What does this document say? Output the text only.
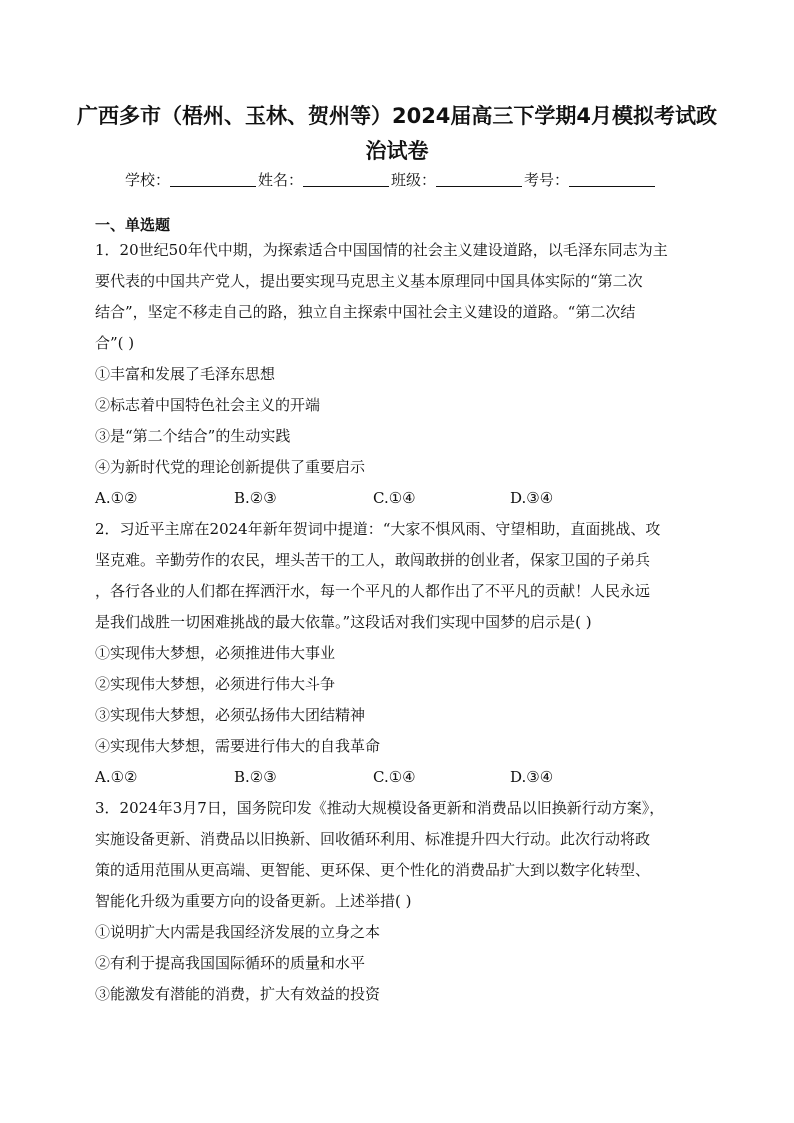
广西多市（梧州、玉林、贺州等）2024届高三下学期4月模拟考试政
治试卷
学校：	姓名：	班级：	考号：
一、单选题
1．20世纪50年代中期，为探索适合中国国情的社会主义建设道路，以毛泽东同志为主
要代表的中国共产党人，提出要实现马克思主义基本原理同中国具体实际的“第二次
结合”，坚定不移走自己的路，独立自主探索中国社会主义建设的道路。“第二次结
合”( )
①丰富和发展了毛泽东思想
②标志着中国特色社会主义的开端
③是“第二个结合”的生动实践
④为新时代党的理论创新提供了重要启示
A.①②	B.②③	C.①④	D.③④
2．习近平主席在2024年新年贺词中提道：“大家不惧风雨、守望相助，直面挑战、攻
坚克难。辛勤劳作的农民，埋头苦干的工人，敢闯敢拼的创业者，保家卫国的子弟兵
，各行各业的人们都在挥洒汗水，每一个平凡的人都作出了不平凡的贡献！人民永远
是我们战胜一切困难挑战的最大依靠。”这段话对我们实现中国梦的启示是( )
①实现伟大梦想，必须推进伟大事业
②实现伟大梦想，必须进行伟大斗争
③实现伟大梦想，必须弘扬伟大团结精神
④实现伟大梦想，需要进行伟大的自我革命
A.①②	B.②③	C.①④	D.③④
3．2024年3月7日，国务院印发《推动大规模设备更新和消费品以旧换新行动方案》，
实施设备更新、消费品以旧换新、回收循环利用、标准提升四大行动。此次行动将政
策的适用范围从更高端、更智能、更环保、更个性化的消费品扩大到以数字化转型、
智能化升级为重要方向的设备更新。上述举措( )
①说明扩大内需是我国经济发展的立身之本
②有利于提高我国国际循环的质量和水平
③能激发有潜能的消费，扩大有效益的投资
